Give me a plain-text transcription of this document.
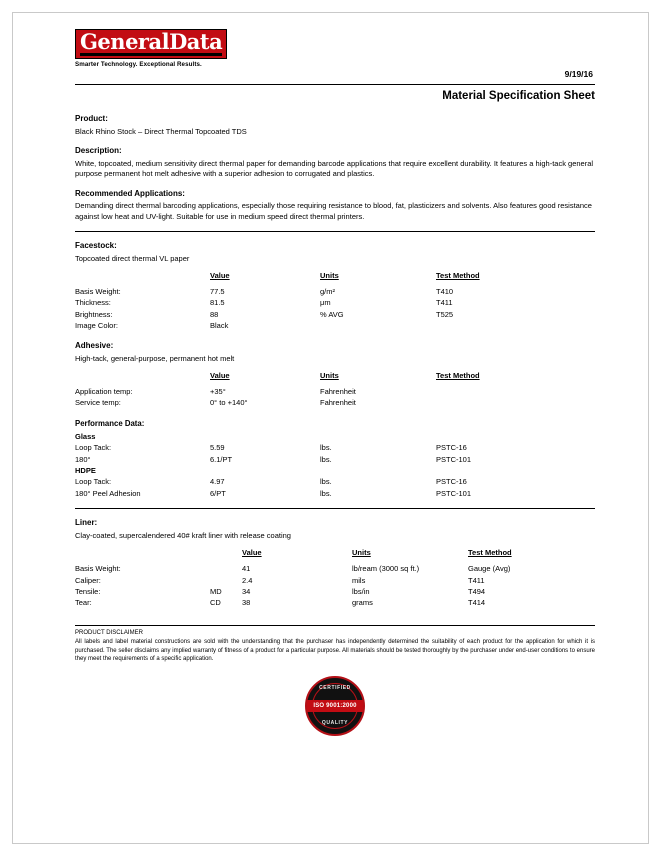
GeneralData
Smarter Technology. Exceptional Results.
9/19/16
Material Specification Sheet
Product:
Black Rhino Stock – Direct Thermal Topcoated TDS
Description:
White, topcoated, medium sensitivity direct thermal paper for demanding barcode applications that require excellent durability. It features a high-tack general purpose permanent hot melt adhesive with a superior adhesion to corrugated and plastics.
Recommended Applications:
Demanding direct thermal barcoding applications, especially those requiring resistance to blood, fat, plasticizers and solvents. Also features good resistance against low heat and UV-light. Suitable for use in medium speed direct thermal printers.
Facestock:
Topcoated direct thermal VL paper
	Value	Units	Test Method

Basis Weight:	77.5	g/m²	T410
Thickness:	81.5	μm	T411
Brightness:	88	% AVG	T525
Image Color:	Black		
Adhesive:
High-tack, general-purpose, permanent hot melt
	Value	Units	Test Method

Application temp:	+35°	Fahrenheit	
Service temp:	0° to +140°	Fahrenheit	
Performance Data:
Glass			
Loop Tack:	5.59	lbs.	PSTC-16
180°	6.1/PT	lbs.	PSTC-101
HDPE			
Loop Tack:	4.97	lbs.	PSTC-16
180° Peel Adhesion	6/PT	lbs.	PSTC-101
Liner:
Clay-coated, supercalendered 40# kraft liner with release coating
		Value	Units	Test Method

Basis Weight:		41	lb/ream (3000 sq ft.)	Gauge (Avg)
Caliper:		2.4	mils	T411
Tensile:	MD	34	lbs/in	T494
Tear:	CD	38	grams	T414
PRODUCT DISCLAIMER
All labels and label material constructions are sold with the understanding that the purchaser has independently determined the suitability of each product for the application for which it is purchased. The seller disclaims any implied warranty of fitness of a product for a particular purpose. All materials should be tested thoroughly by the purchaser under end-user conditions to ensure they meet the requirements of a specific application.
CERTIFIED
ISO 9001:2000
QUALITY
